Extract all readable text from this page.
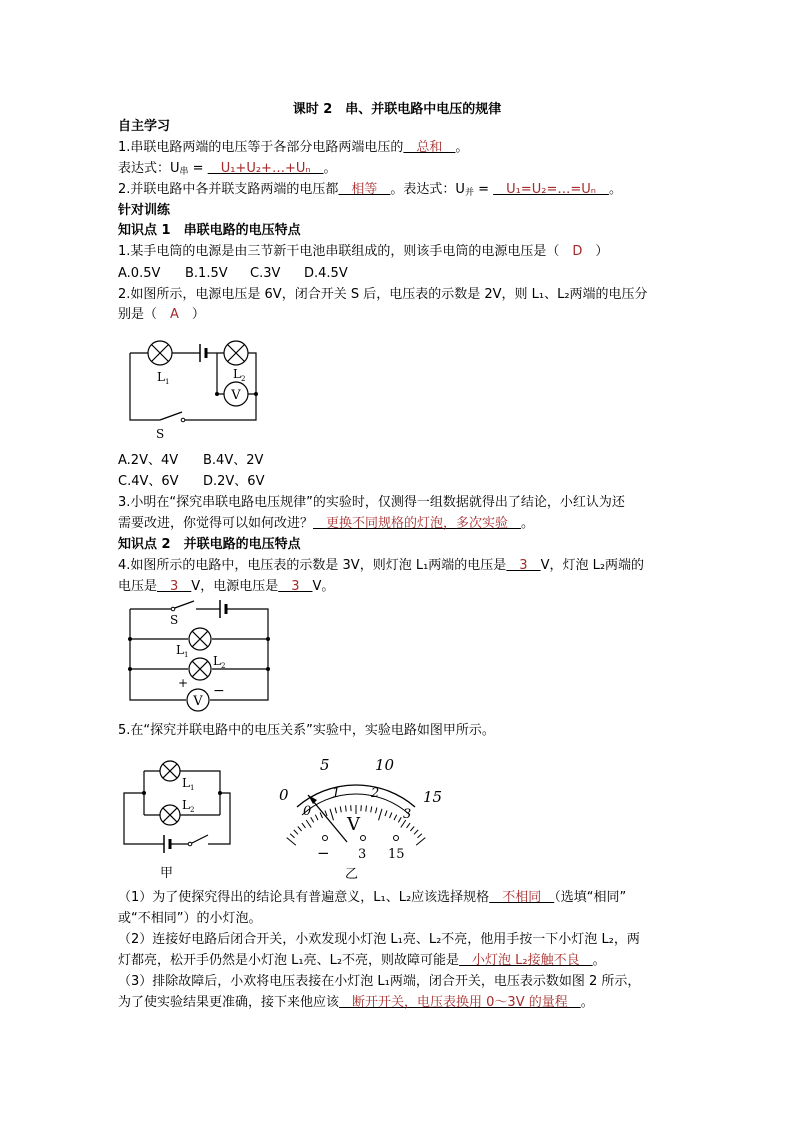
课时 2　串、并联电路中电压的规律
自主学习
1.串联电路两端的电压等于各部分电路两端电压的　总和　。
表达式：$U_串$ = 　U₁+U₂+…+Uₙ　。
2.并联电路中各并联支路两端的电压都　相等　。表达式：$U_并$ = 　U₁=U₂=…=Uₙ　。
针对训练
知识点 1　串联电路的电压特点
1.某手电筒的电源是由三节新干电池串联组成的，则该手电筒的电源电压是（　D　）
A.0.5V B.1.5V C.3V D.4.5V
2.如图所示，电源电压是 6V，闭合开关 S 后，电压表的示数是 2V，则 L₁、L₂两端的电压分
别是（　A　）
V
L 1
L 2
S
A.2V、4V B.4V、2V
C.4V、6V D.2V、6V
3.小明在“探究串联电路电压规律”的实验时，仅测得一组数据就得出了结论，小红认为还
需要改进，你觉得可以如何改进？　更换不同规格的灯泡，多次实验　。
知识点 2　并联电路的电压特点
4.如图所示的电路中，电压表的示数是 3V，则灯泡 L₁两端的电压是　3　V，灯泡 L₂两端的
电压是　3　V，电源电压是　3　V。
V
+ −
S
L 1 L 2
5.在“探究并联电路中的电压关系”实验中，实验电路如图甲所示。
L 1
L 2
甲
0
5	10
15
0
1 2
3
V
− 3 15
乙
（1）为了使探究得出的结论具有普遍意义，L₁、L₂应该选择规格　不相同　（选填“相同”
或“不相同”）的小灯泡。
（2）连接好电路后闭合开关，小欢发现小灯泡 L₁亮、L₂不亮，他用手按一下小灯泡 L₂，两
灯都亮，松开手仍然是小灯泡 L₁亮、L₂不亮，则故障可能是　小灯泡 L₂接触不良　。
（3）排除故障后，小欢将电压表接在小灯泡 L₁两端，闭合开关，电压表示数如图 2 所示，
为了使实验结果更准确，接下来他应该　断开开关，电压表换用 0～3V 的量程　。
